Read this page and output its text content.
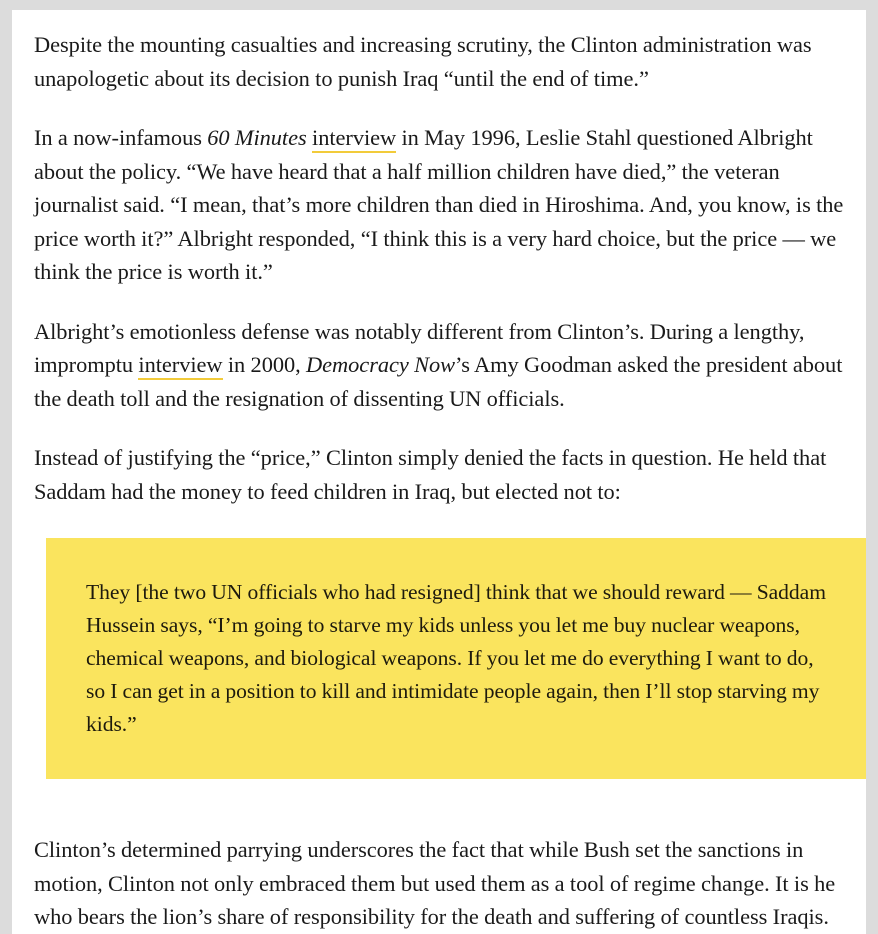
Despite the mounting casualties and increasing scrutiny, the Clinton administration was unapologetic about its decision to punish Iraq “until the end of time.”

In a now-infamous 60 Minutes interview in May 1996, Leslie Stahl questioned Albright about the policy. “We have heard that a half million children have died,” the veteran journalist said. “I mean, that’s more children than died in Hiroshima. And, you know, is the price worth it?” Albright responded, “I think this is a very hard choice, but the price — we think the price is worth it.”

Albright’s emotionless defense was notably different from Clinton’s. During a lengthy, impromptu interview in 2000, Democracy Now’s Amy Goodman asked the president about the death toll and the resignation of dissenting UN officials.

Instead of justifying the “price,” Clinton simply denied the facts in question. He held that Saddam had the money to feed children in Iraq, but elected not to:

They [the two UN officials who had resigned] think that we should reward — Saddam Hussein says, “I’m going to starve my kids unless you let me buy nuclear weapons, chemical weapons, and biological weapons. If you let me do everything I want to do, so I can get in a position to kill and intimidate people again, then I’ll stop starving my kids.”

Clinton’s determined parrying underscores the fact that while Bush set the sanctions in motion, Clinton not only embraced them but used them as a tool of regime change. It is he who bears the lion’s share of responsibility for the death and suffering of countless Iraqis.
